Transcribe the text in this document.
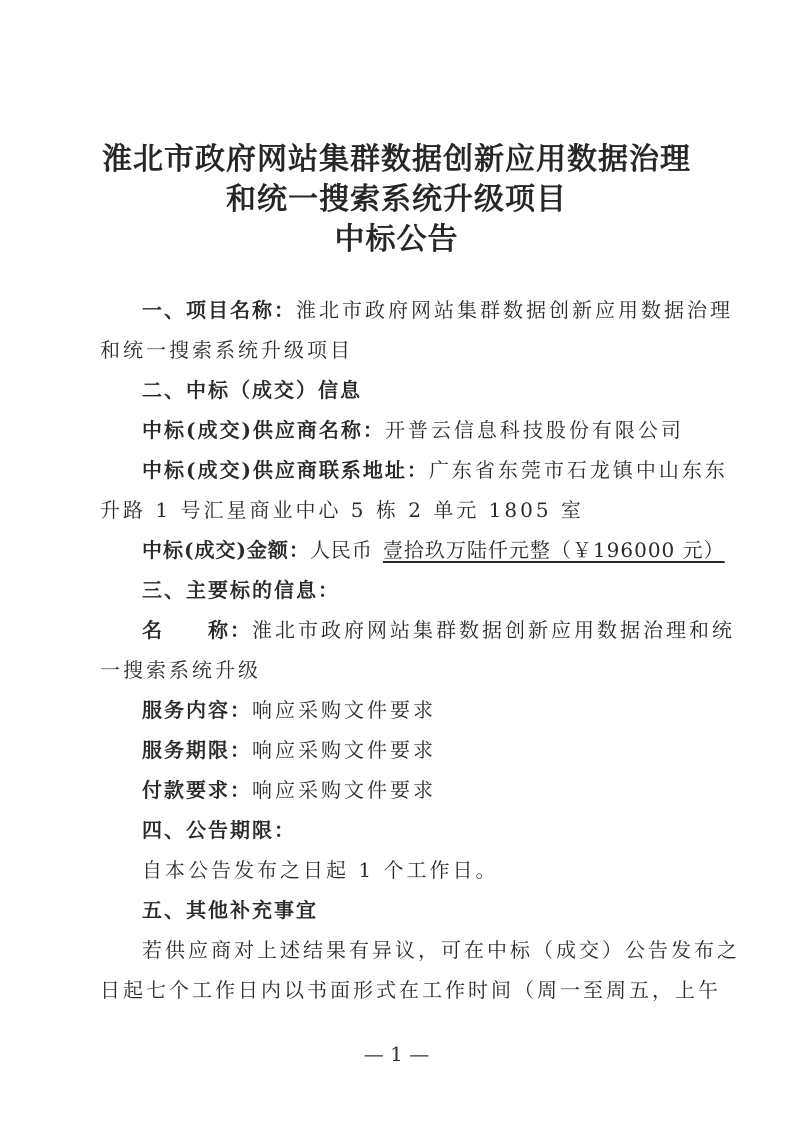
淮北市政府网站集群数据创新应用数据治理
和统一搜索系统升级项目
中标公告
一、项目名称：淮北市政府网站集群数据创新应用数据治理
和统一搜索系统升级项目
二、中标（成交）信息
中标(成交)供应商名称：开普云信息科技股份有限公司
中标(成交)供应商联系地址：广东省东莞市石龙镇中山东东
升路 1 号汇星商业中心 5 栋 2 单元 1805 室
中标(成交)金额：人民币 壹拾玖万陆仟元整（￥196000 元）
三、主要标的信息：
名　　称：淮北市政府网站集群数据创新应用数据治理和统
一搜索系统升级
服务内容：响应采购文件要求
服务期限：响应采购文件要求
付款要求：响应采购文件要求
四、公告期限：
自本公告发布之日起 1 个工作日。
五、其他补充事宜
若供应商对上述结果有异议，可在中标（成交）公告发布之
日起七个工作日内以书面形式在工作时间（周一至周五，上午
— 1 —
